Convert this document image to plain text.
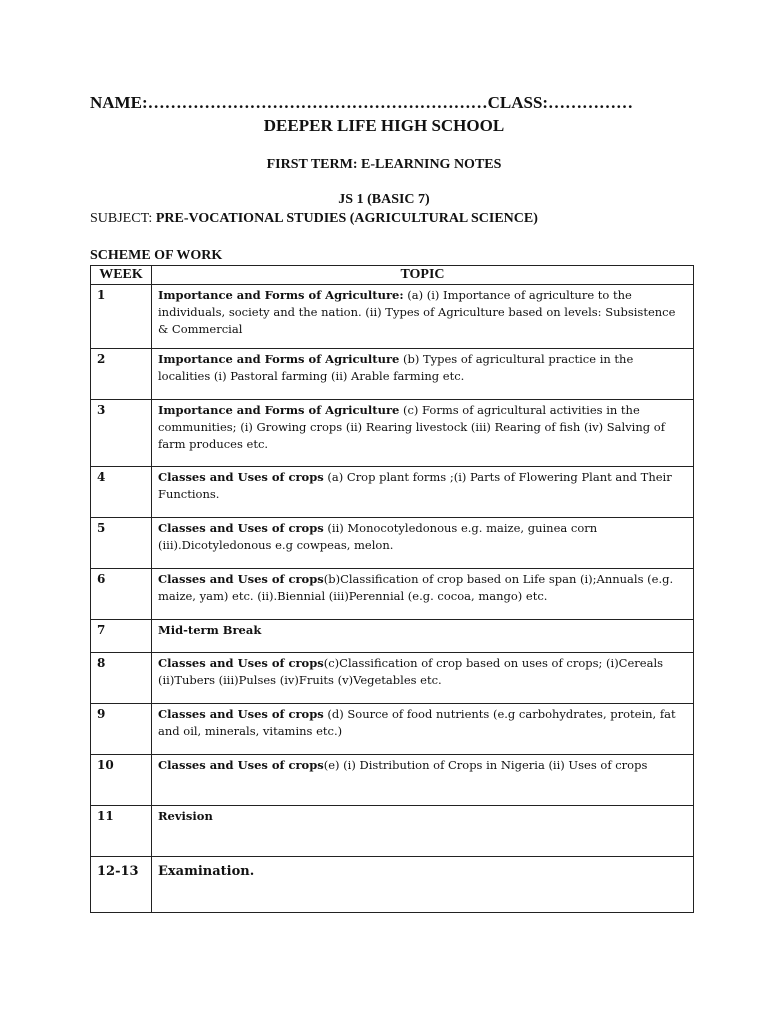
NAME:……………………………………………………CLASS:……………
DEEPER LIFE HIGH SCHOOL
FIRST TERM: E-LEARNING NOTES
JS 1 (BASIC 7)
SUBJECT: PRE-VOCATIONAL STUDIES (AGRICULTURAL SCIENCE)
SCHEME OF WORK
WEEK	TOPIC
1	Importance and Forms of Agriculture: (a) (i) Importance of agriculture to the individuals, society and the nation. (ii) Types of Agriculture based on levels: Subsistence & Commercial
2	Importance and Forms of Agriculture (b) Types of agricultural practice in the localities (i) Pastoral farming (ii) Arable farming etc.
3	Importance and Forms of Agriculture (c) Forms of agricultural activities in the communities; (i) Growing crops (ii) Rearing livestock (iii) Rearing of fish (iv) Salving of farm produces etc.
4	Classes and Uses of crops (a) Crop plant forms ;(i) Parts of Flowering Plant and Their Functions.
5	Classes and Uses of crops (ii) Monocotyledonous e.g. maize, guinea corn (iii).Dicotyledonous e.g cowpeas, melon.
6	Classes and Uses of crops(b)Classification of crop based on Life span (i);Annuals (e.g. maize, yam) etc. (ii).Biennial (iii)Perennial (e.g. cocoa, mango) etc.
7	Mid-term Break
8	Classes and Uses of crops(c)Classification of crop based on uses of crops; (i)Cereals (ii)Tubers (iii)Pulses (iv)Fruits (v)Vegetables etc.
9	Classes and Uses of crops (d) Source of food nutrients (e.g carbohydrates, protein, fat and oil, minerals, vitamins etc.)
10	Classes and Uses of crops(e) (i) Distribution of Crops in Nigeria (ii) Uses of crops
11	Revision
12-13	Examination.
